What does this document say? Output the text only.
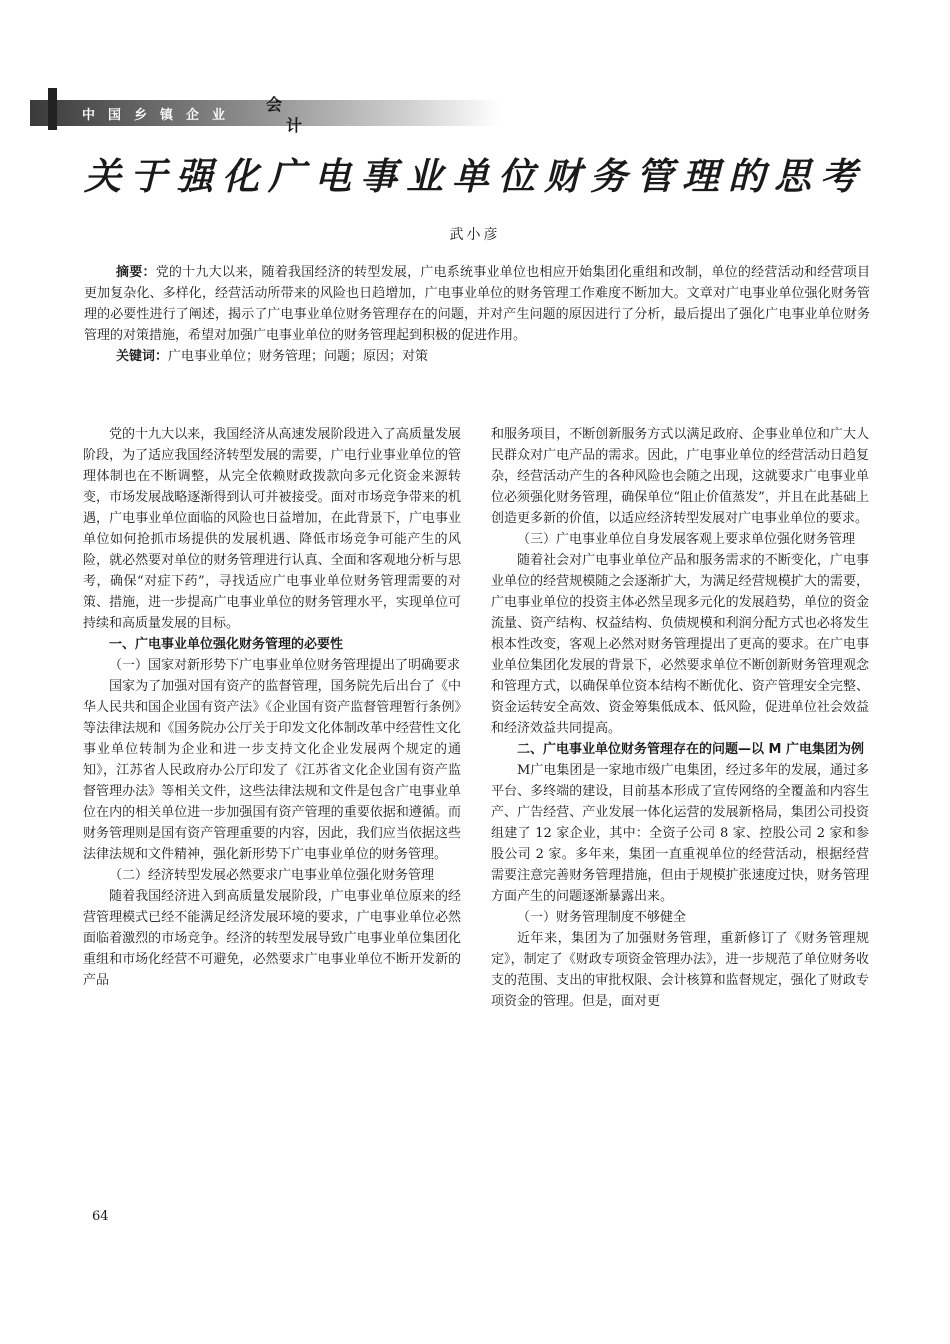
中国乡镇企业
会
计
关于强化广电事业单位财务管理的思考
武小彦

摘要：党的十九大以来，随着我国经济的转型发展，广电系统事业单位也相应开始集团化重组和改制，单位的经营活动和经营项目更加复杂化、多样化，经营活动所带来的风险也日趋增加，广电事业单位的财务管理工作难度不断加大。文章对广电事业单位强化财务管理的必要性进行了阐述，揭示了广电事业单位财务管理存在的问题，并对产生问题的原因进行了分析，最后提出了强化广电事业单位财务管理的对策措施，希望对加强广电事业单位的财务管理起到积极的促进作用。

关键词：广电事业单位；财务管理；问题；原因；对策

党的十九大以来，我国经济从高速发展阶段进入了高质量发展阶段，为了适应我国经济转型发展的需要，广电行业事业单位的管理体制也在不断调整，从完全依赖财政拨款向多元化资金来源转变，市场发展战略逐渐得到认可并被接受。面对市场竞争带来的机遇，广电事业单位面临的风险也日益增加，在此背景下，广电事业单位如何抢抓市场提供的发展机遇、降低市场竞争可能产生的风险，就必然要对单位的财务管理进行认真、全面和客观地分析与思考，确保“对症下药”，寻找适应广电事业单位财务管理需要的对策、措施，进一步提高广电事业单位的财务管理水平，实现单位可持续和高质量发展的目标。

一、广电事业单位强化财务管理的必要性

（一）国家对新形势下广电事业单位财务管理提出了明确要求

国家为了加强对国有资产的监督管理，国务院先后出台了《中华人民共和国企业国有资产法》《企业国有资产监督管理暂行条例》等法律法规和《国务院办公厅关于印发文化体制改革中经营性文化事业单位转制为企业和进一步支持文化企业发展两个规定的通知》，江苏省人民政府办公厅印发了《江苏省文化企业国有资产监督管理办法》等相关文件，这些法律法规和文件是包含广电事业单位在内的相关单位进一步加强国有资产管理的重要依据和遵循。而财务管理则是国有资产管理重要的内容，因此，我们应当依据这些法律法规和文件精神，强化新形势下广电事业单位的财务管理。

（二）经济转型发展必然要求广电事业单位强化财务管理

随着我国经济进入到高质量发展阶段，广电事业单位原来的经营管理模式已经不能满足经济发展环境的要求，广电事业单位必然面临着激烈的市场竞争。经济的转型发展导致广电事业单位集团化重组和市场化经营不可避免，必然要求广电事业单位不断开发新的产品

和服务项目，不断创新服务方式以满足政府、企事业单位和广大人民群众对广电产品的需求。因此，广电事业单位的经营活动日趋复杂，经营活动产生的各种风险也会随之出现，这就要求广电事业单位必须强化财务管理，确保单位“阻止价值蒸发”，并且在此基础上创造更多新的价值，以适应经济转型发展对广电事业单位的要求。

（三）广电事业单位自身发展客观上要求单位强化财务管理

随着社会对广电事业单位产品和服务需求的不断变化，广电事业单位的经营规模随之会逐渐扩大，为满足经营规模扩大的需要，广电事业单位的投资主体必然呈现多元化的发展趋势，单位的资金流量、资产结构、权益结构、负债规模和利润分配方式也必将发生根本性改变，客观上必然对财务管理提出了更高的要求。在广电事业单位集团化发展的背景下，必然要求单位不断创新财务管理观念和管理方式，以确保单位资本结构不断优化、资产管理安全完整、资金运转安全高效、资金筹集低成本、低风险，促进单位社会效益和经济效益共同提高。

二、广电事业单位财务管理存在的问题—以 M 广电集团为例

M广电集团是一家地市级广电集团，经过多年的发展，通过多平台、多终端的建设，目前基本形成了宣传网络的全覆盖和内容生产、广告经营、产业发展一体化运营的发展新格局，集团公司投资组建了 12 家企业，其中：全资子公司 8 家、控股公司 2 家和参股公司 2 家。多年来，集团一直重视单位的经营活动，根据经营需要注意完善财务管理措施，但由于规模扩张速度过快，财务管理方面产生的问题逐渐暴露出来。

（一）财务管理制度不够健全

近年来，集团为了加强财务管理，重新修订了《财务管理规定》，制定了《财政专项资金管理办法》，进一步规范了单位财务收支的范围、支出的审批权限、会计核算和监督规定，强化了财政专项资金的管理。但是，面对更

64
